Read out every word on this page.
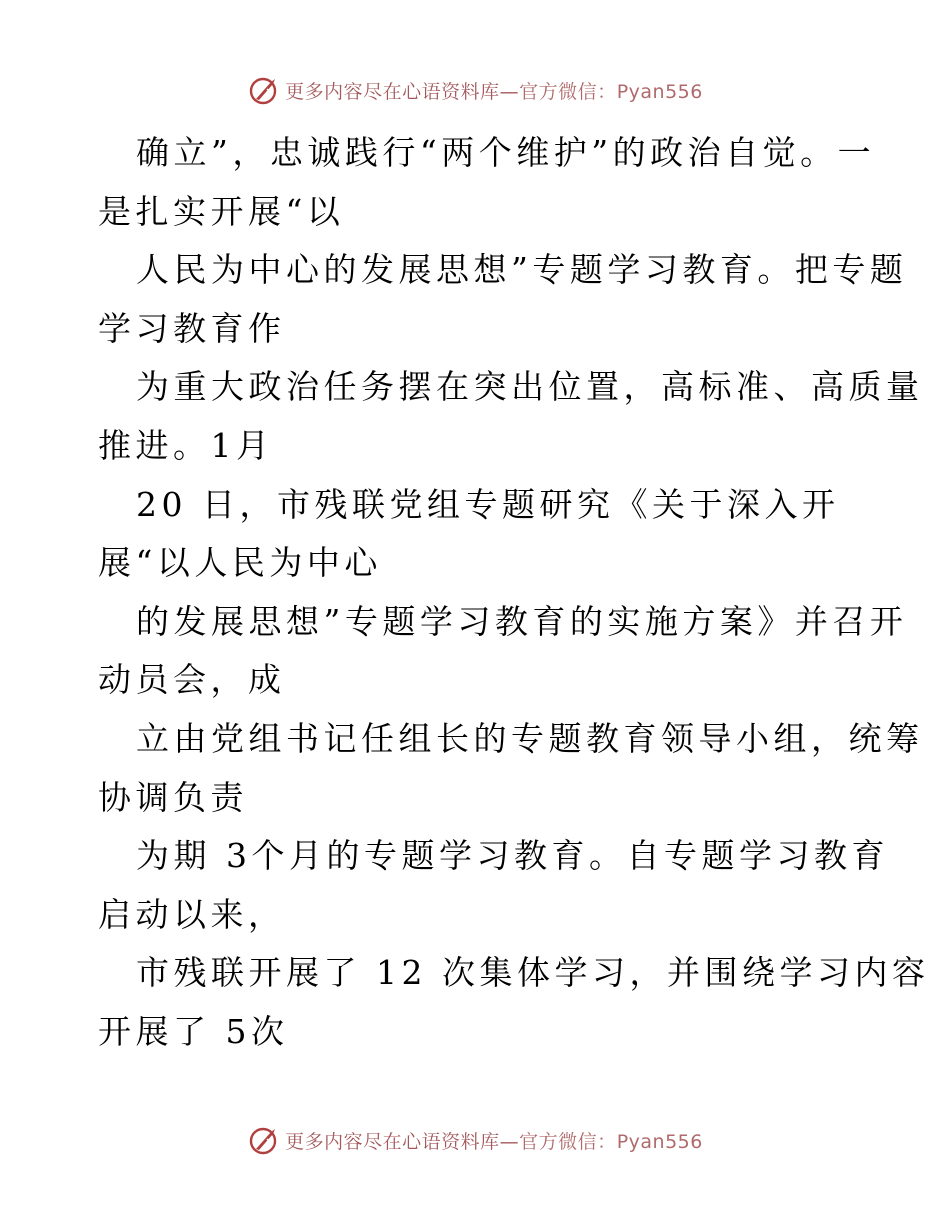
更多内容尽在心语资料库—官方微信：Pyan556
确立”，忠诚践行“两个维护”的政治自觉。一
是扎实开展“以
人民为中心的发展思想”专题学习教育。把专题
学习教育作
为重大政治任务摆在突出位置，高标准、高质量
推进。1月
20 日，市残联党组专题研究《关于深入开
展“以人民为中心
的发展思想”专题学习教育的实施方案》并召开
动员会，成
立由党组书记任组长的专题教育领导小组，统筹
协调负责
为期 3个月的专题学习教育。自专题学习教育
启动以来，
市残联开展了 12 次集体学习，并围绕学习内容
开展了 5次
更多内容尽在心语资料库—官方微信：Pyan556
